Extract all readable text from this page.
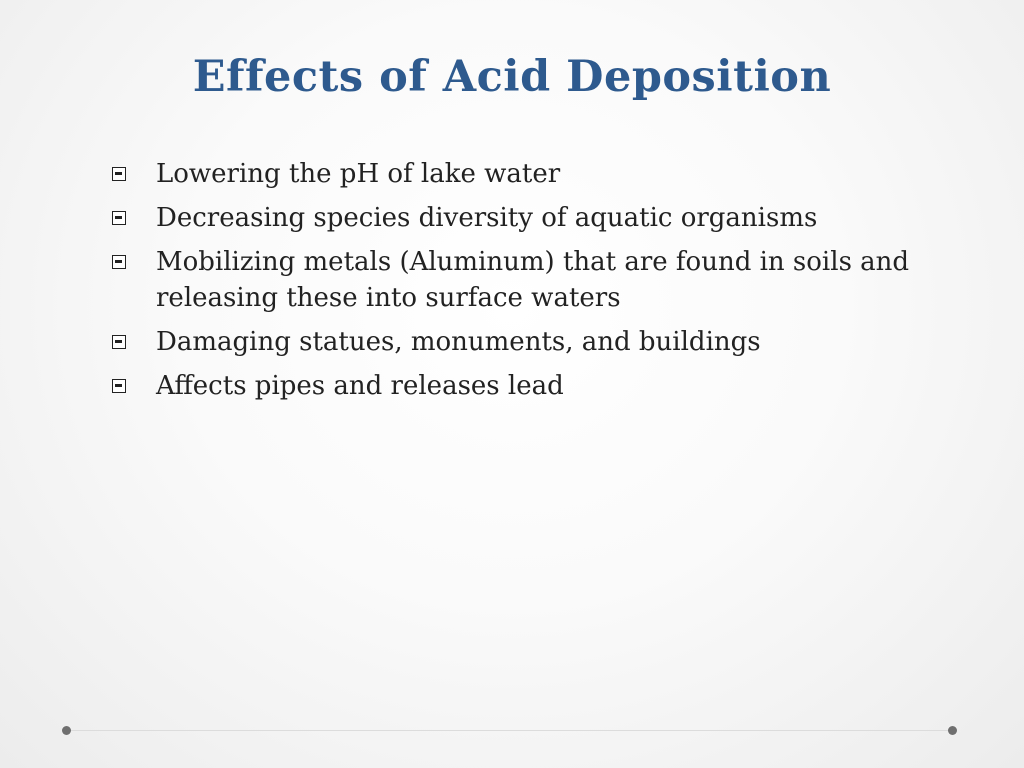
Effects of Acid Deposition
Lowering the pH of lake water
Decreasing species diversity of aquatic organisms
Mobilizing metals (Aluminum) that are found in soils and releasing these into surface waters
Damaging statues, monuments, and buildings
Affects pipes and releases lead
